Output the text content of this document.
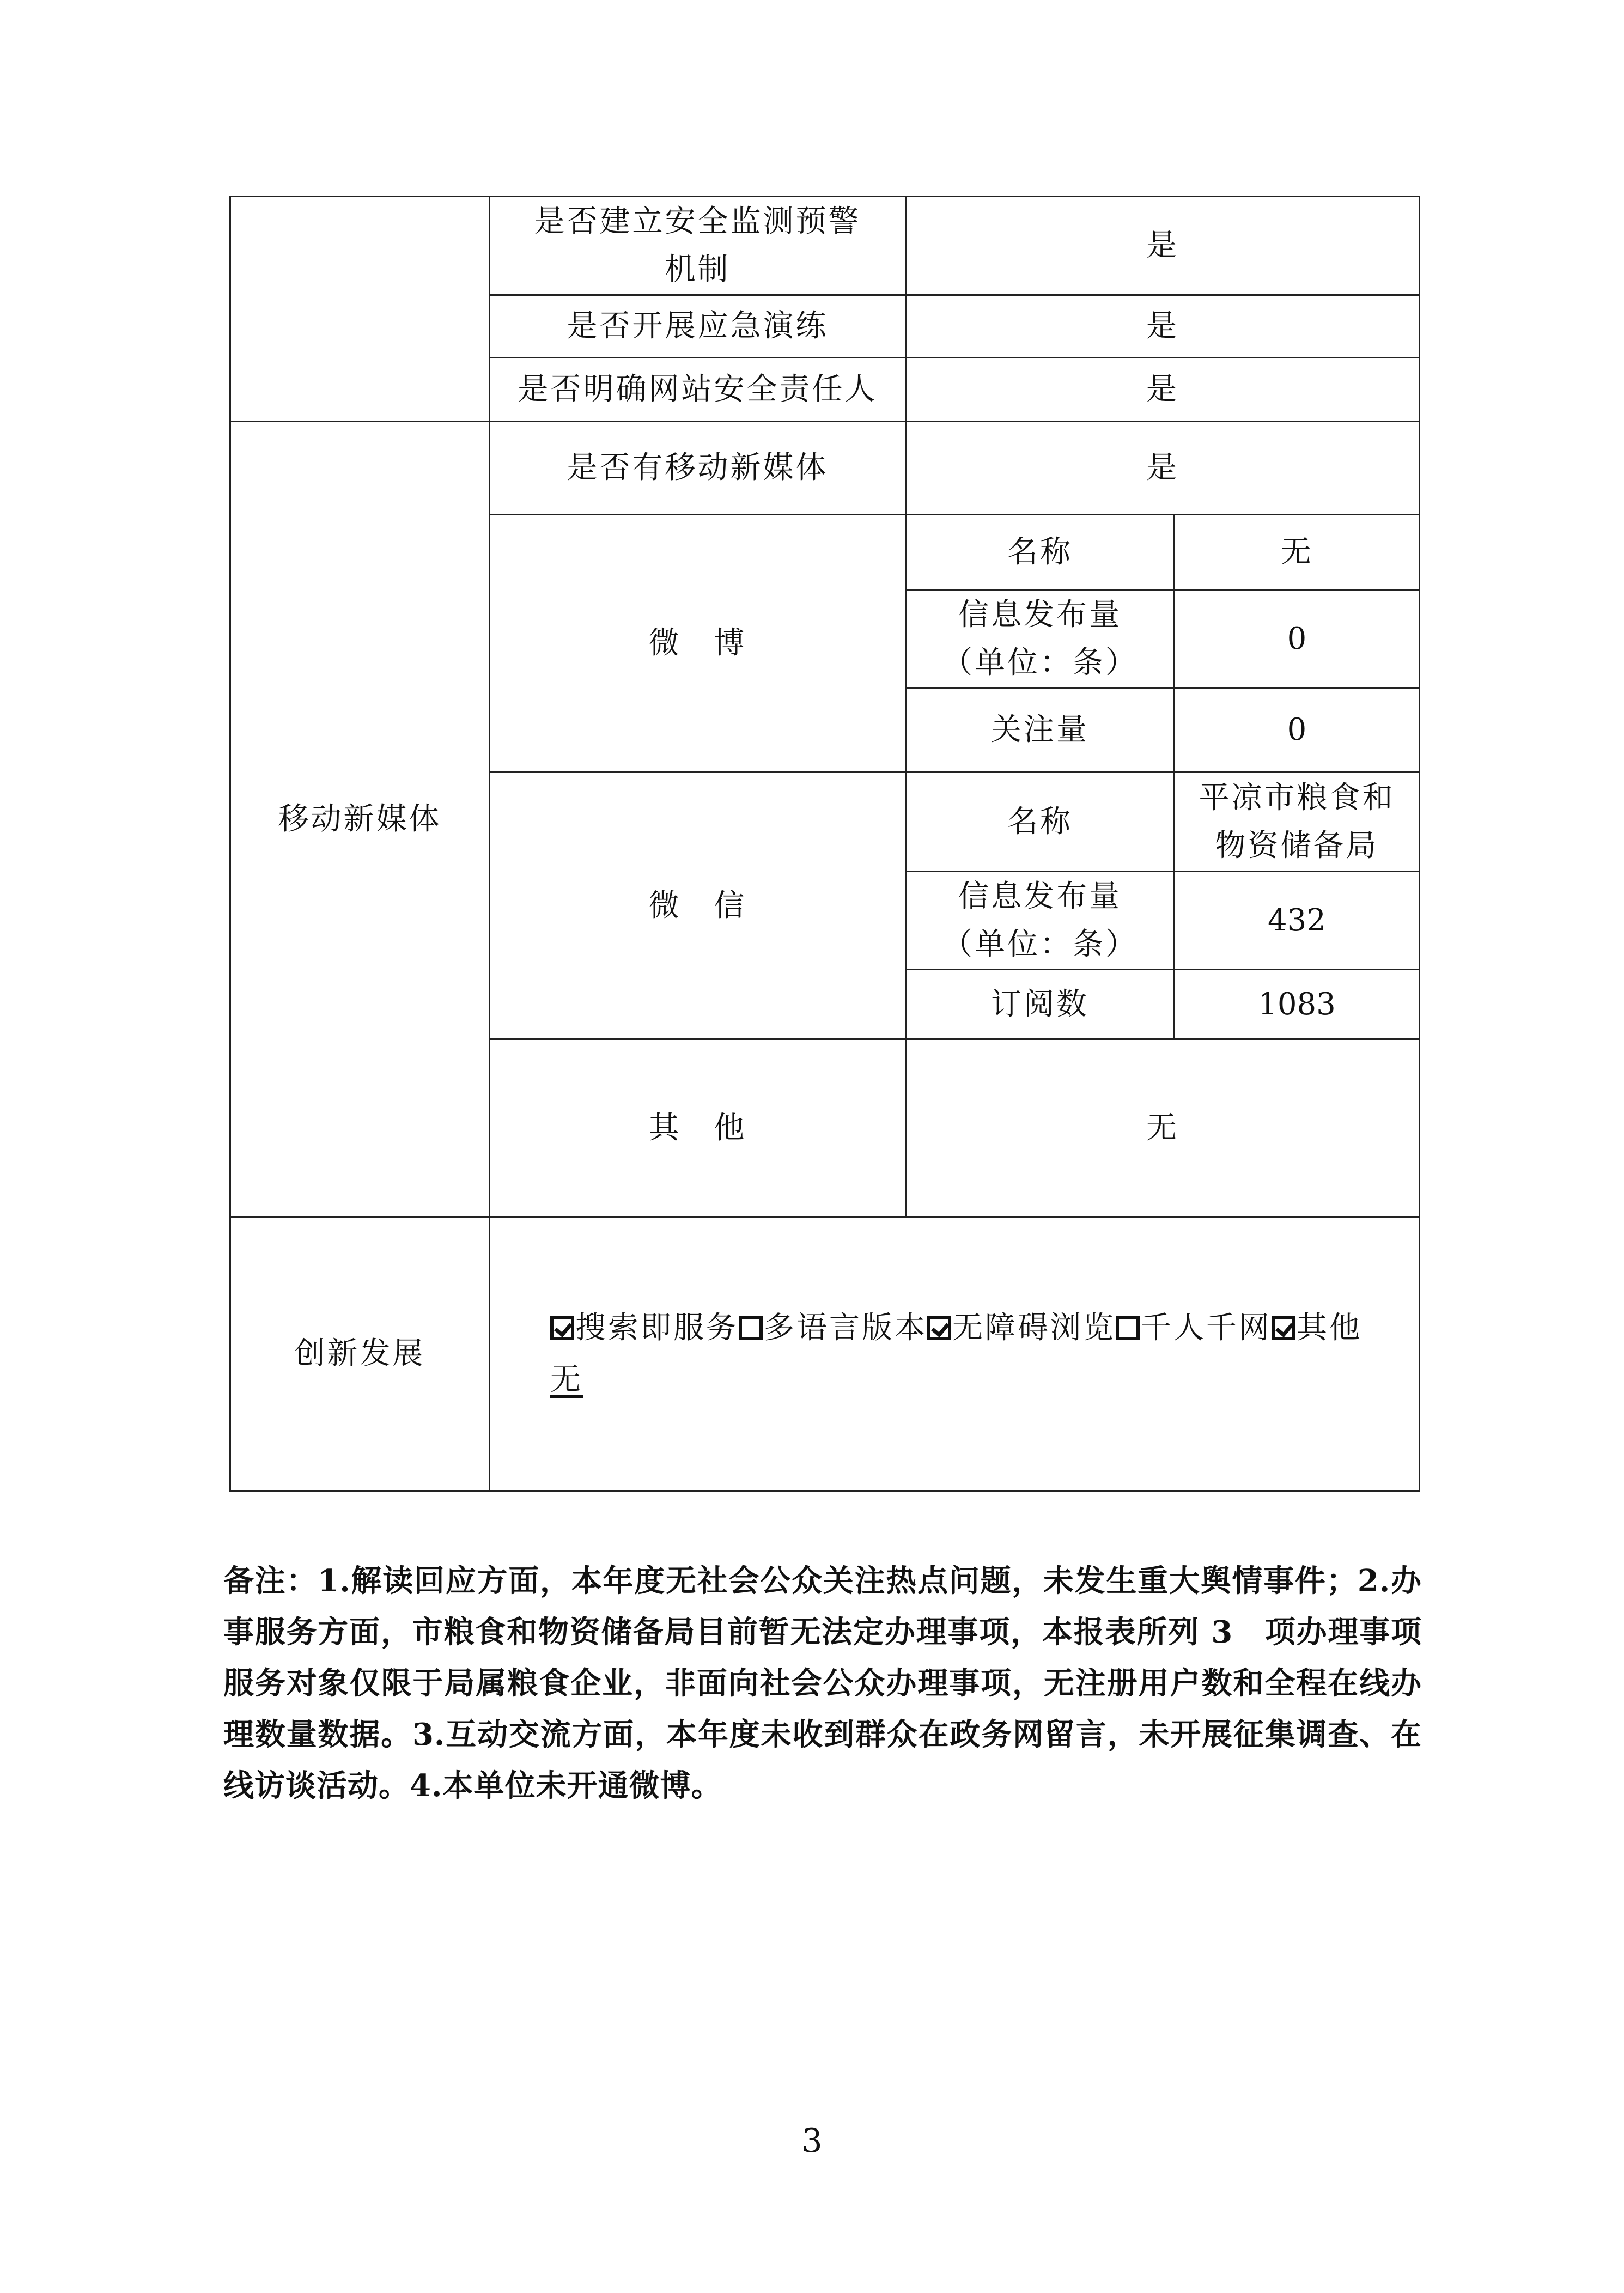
	是否建立安全监测预警
机制	是	
	是否开展应急演练	是	
	是否明确网站安全责任人	是	
移动新媒体	是否有移动新媒体	是	
	微　博	名称	无
		信息发布量
（单位：条）	0
		关注量	0
	微　信	名称	平凉市粮食和
物资储备局
		信息发布量
（单位：条）	432
		订阅数	1083
	其　他	无	
创新发展	搜索即服务 多语言版本 无障碍浏览 千人千网 其他
无		
备注：1.解读回应方面，本年度无社会公众关注热点问题，未发生重大舆情事件；2.办事服务方面，市粮食和物资储备局目前暂无法定办理事项，本报表所列 3　项办理事项服务对象仅限于局属粮食企业，非面向社会公众办理事项，无注册用户数和全程在线办理数量数据。3.互动交流方面，本年度未收到群众在政务网留言，未开展征集调查、在线访谈活动。4.本单位未开通微博。
3
